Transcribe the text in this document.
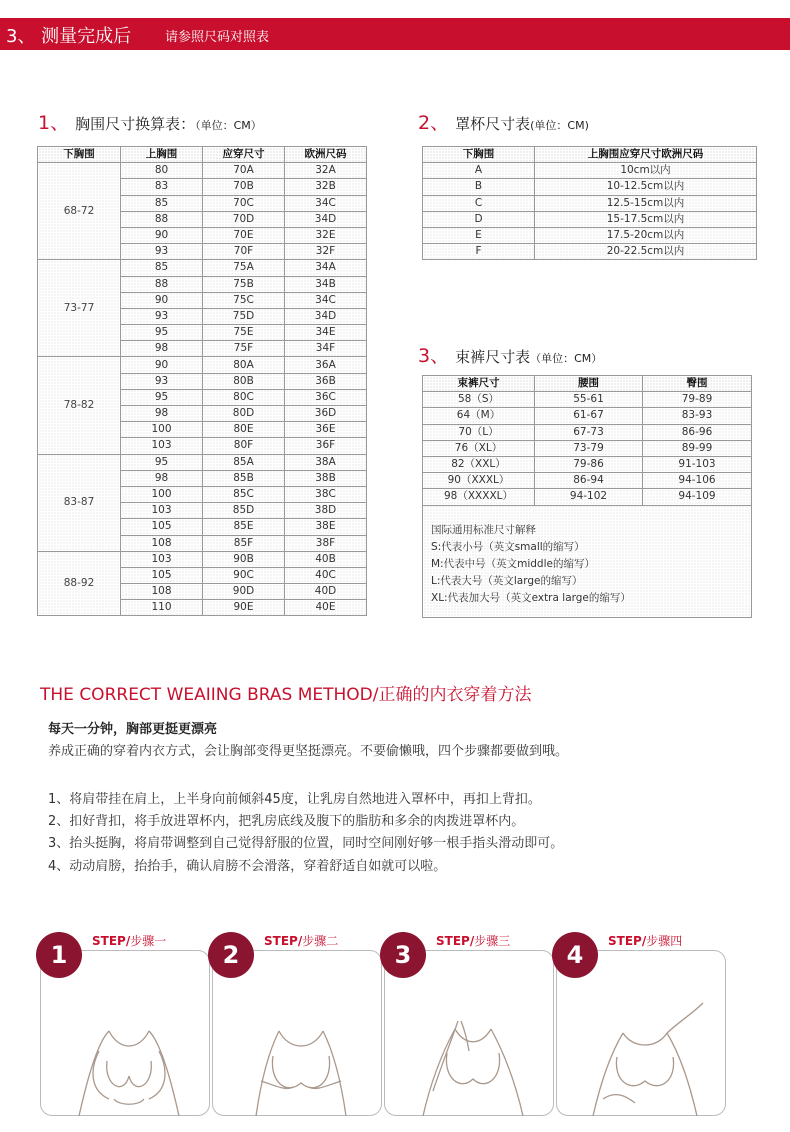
3、 测量完成后	请参照尺码对照表
1、 胸围尺寸换算表：（单位：CM）
下胸围	上胸围	应穿尺寸	欧洲尺码
68-72	80	70A	32A
	83	70B	32B
	85	70C	34C
	88	70D	34D
	90	70E	32E
	93	70F	32F
73-77	85	75A	34A
	88	75B	34B
	90	75C	34C
	93	75D	34D
	95	75E	34E
	98	75F	34F
78-82	90	80A	36A
	93	80B	36B
	95	80C	36C
	98	80D	36D
	100	80E	36E
	103	80F	36F
83-87	95	85A	38A
	98	85B	38B
	100	85C	38C
	103	85D	38D
	105	85E	38E
	108	85F	38F
88-92	103	90B	40B
	105	90C	40C
	108	90D	40D
	110	90E	40E
2、 罩杯尺寸表(单位：CM)
下胸围	上胸围应穿尺寸欧洲尺码
A	10cm以内
B	10-12.5cm以内
C	12.5-15cm以内
D	15-17.5cm以内
E	17.5-20cm以内
F	20-22.5cm以内
3、 束裤尺寸表（单位：CM）
束裤尺寸	腰围	臀围
58（S）	55-61	79-89
64（M）	61-67	83-93
70（L）	67-73	86-96
76（XL）	73-79	89-99
82（XXL）	79-86	91-103
90（XXXL）	86-94	94-106
98（XXXXL）	94-102	94-109

国际通用标准尺寸解释
S:代表小号（英文small的缩写）
M:代表中号（英文middle的缩写）
L:代表大号（英文large的缩写）
XL:代表加大号（英文extra large的缩写）		
THE CORRECT WEAIING BRAS METHOD/正确的内衣穿着方法
每天一分钟，胸部更挺更漂亮
养成正确的穿着内衣方式，会让胸部变得更坚挺漂亮。不要偷懒哦，四个步骤都要做到哦。
1、将肩带挂在肩上，上半身向前倾斜45度，让乳房自然地进入罩杯中，再扣上背扣。
2、扣好背扣，将手放进罩杯内，把乳房底线及腹下的脂肪和多余的肉拨进罩杯内。
3、抬头挺胸，将肩带调整到自己觉得舒服的位置，同时空间刚好够一根手指头滑动即可。
4、动动肩膀，抬抬手，确认肩膀不会滑落，穿着舒适自如就可以啦。
1	STEP/步骤一	2	STEP/步骤二	3	STEP/步骤三	4	STEP/步骤四
